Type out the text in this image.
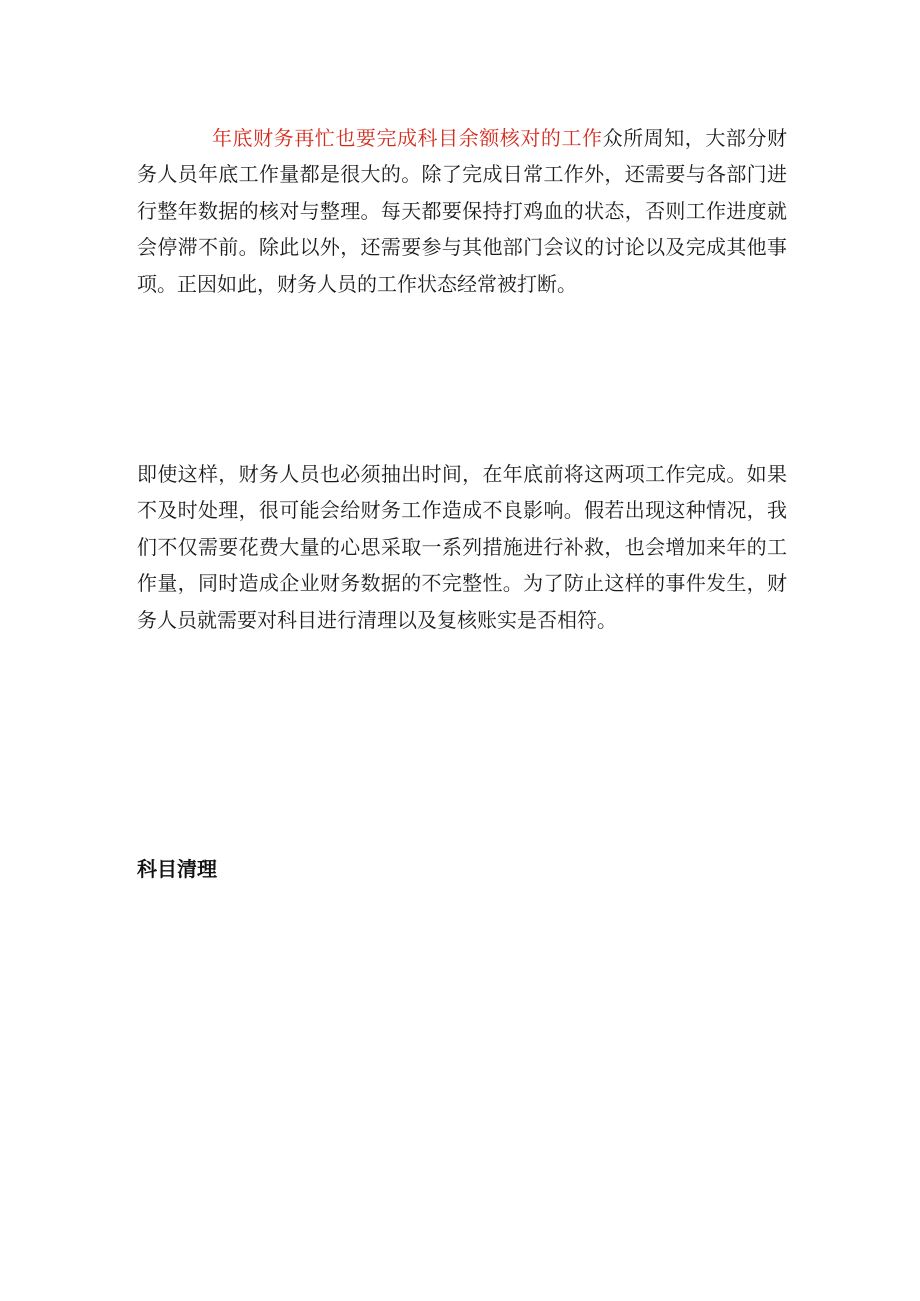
年底财务再忙也要完成科目余额核对的工作众所周知，大部分财务人员年底工作量都是很大的。除了完成日常工作外，还需要与各部门进行整年数据的核对与整理。每天都要保持打鸡血的状态，否则工作进度就会停滞不前。除此以外，还需要参与其他部门会议的讨论以及完成其他事项。正因如此，财务人员的工作状态经常被打断。

即使这样，财务人员也必须抽出时间，在年底前将这两项工作完成。如果不及时处理，很可能会给财务工作造成不良影响。假若出现这种情况，我们不仅需要花费大量的心思采取一系列措施进行补救，也会增加来年的工作量，同时造成企业财务数据的不完整性。为了防止这样的事件发生，财务人员就需要对科目进行清理以及复核账实是否相符。

科目清理
